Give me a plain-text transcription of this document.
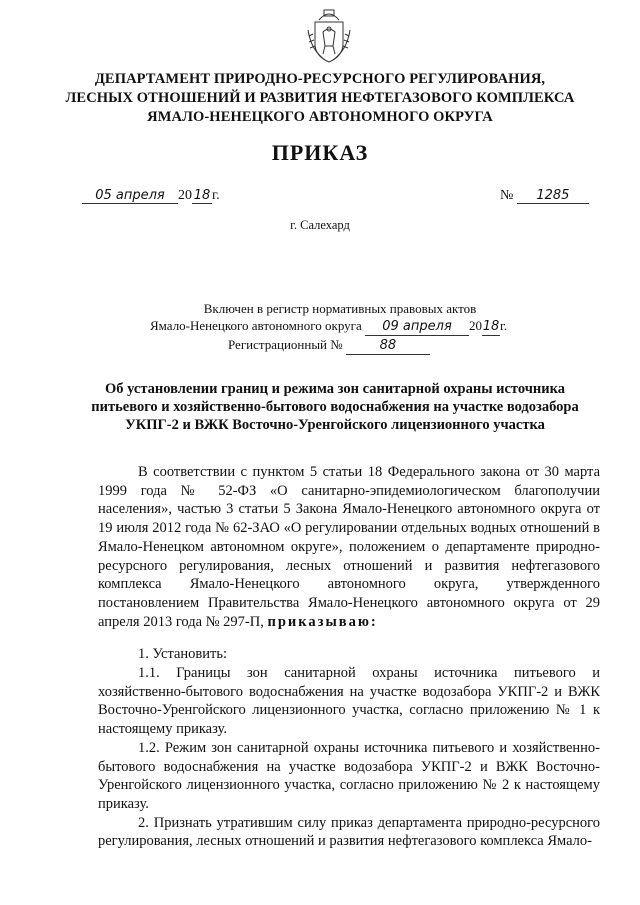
ДЕПАРТАМЕНТ ПРИРОДНО-РЕСУРСНОГО РЕГУЛИРОВАНИЯ,
ЛЕСНЫХ ОТНОШЕНИЙ И РАЗВИТИЯ НЕФТЕГАЗОВОГО КОМПЛЕКСА
ЯМАЛО-НЕНЕЦКОГО АВТОНОМНОГО ОКРУГА
ПРИКАЗ
05 апреля 20 18 г.	№ 1285
г. Салехард
Включен в регистр нормативных правовых актов
Ямало-Ненецкого автономного округа 09 апреля 2018г.
Регистрационный №	88
Об установлении границ и режима зон санитарной охраны источника питьевого и хозяйственно-бытового водоснабжения на участке водозабора УКПГ-2 и ВЖК Восточно-Уренгойского лицензионного участка

В соответствии с пунктом 5 статьи 18 Федерального закона от 30 марта 1999 года № 52-ФЗ «О санитарно-эпидемиологическом благополучии населения», частью 3 статьи 5 Закона Ямало-Ненецкого автономного округа от 19 июля 2012 года № 62-ЗАО «О регулировании отдельных водных отношений в Ямало-Ненецком автономном округе», положением о департаменте природно-ресурсного регулирования, лесных отношений и развития нефтегазового комплекса Ямало-Ненецкого автономного округа, утвержденного постановлением Правительства Ямало-Ненецкого автономного округа от 29 апреля 2013 года № 297-П, приказываю:

1. Установить:

1.1. Границы зон санитарной охраны источника питьевого и хозяйственно-бытового водоснабжения на участке водозабора УКПГ-2 и ВЖК Восточно-Уренгойского лицензионного участка, согласно приложению № 1 к настоящему приказу.

1.2. Режим зон санитарной охраны источника питьевого и хозяйственно-бытового водоснабжения на участке водозабора УКПГ-2 и ВЖК Восточно-Уренгойского лицензионного участка, согласно приложению № 2 к настоящему приказу.

2. Признать утратившим силу приказ департамента природно-ресурсного регулирования, лесных отношений и развития нефтегазового комплекса Ямало-
